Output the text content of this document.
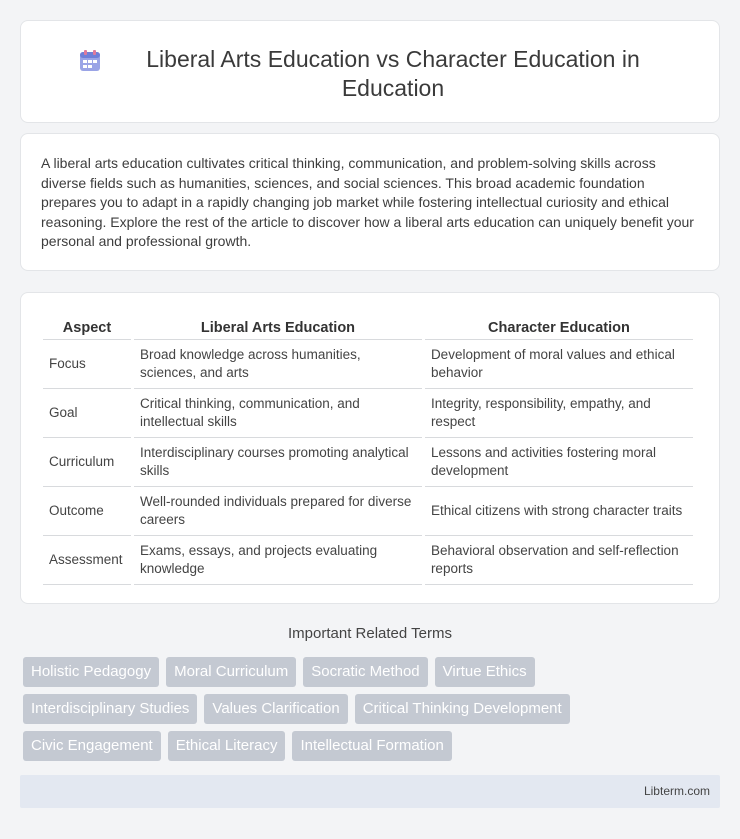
Liberal Arts Education vs Character Education in Education

A liberal arts education cultivates critical thinking, communication, and problem-solving skills across diverse fields such as humanities, sciences, and social sciences. This broad academic foundation prepares you to adapt in a rapidly changing job market while fostering intellectual curiosity and ethical reasoning. Explore the rest of the article to discover how a liberal arts education can uniquely benefit your personal and professional growth.

Aspect	Liberal Arts Education	Character Education
Focus	Broad knowledge across humanities, sciences, and arts	Development of moral values and ethical behavior
Goal	Critical thinking, communication, and intellectual skills	Integrity, responsibility, empathy, and respect
Curriculum	Interdisciplinary courses promoting analytical skills	Lessons and activities fostering moral development
Outcome	Well-rounded individuals prepared for diverse careers	Ethical citizens with strong character traits
Assessment	Exams, essays, and projects evaluating knowledge	Behavioral observation and self-reflection reports
Important Related Terms
Holistic Pedagogy	Moral Curriculum	Socratic Method	Virtue Ethics
Interdisciplinary Studies	Values Clarification	Critical Thinking Development
Civic Engagement	Ethical Literacy	Intellectual Formation
Libterm.com
